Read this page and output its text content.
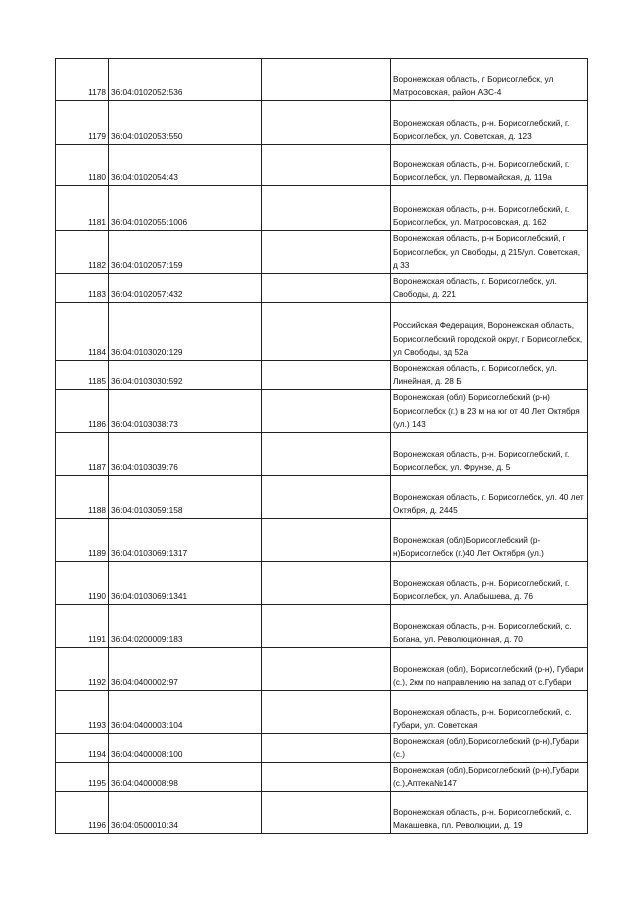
1178	36:04:0102052:536		Воронежская область, г Борисоглебск, ул Матросовская, район АЗС-4
1179	36:04:0102053:550		Воронежская область, р-н. Борисоглебский, г. Борисоглебск, ул. Советская, д. 123
1180	36:04:0102054:43		Воронежская область, р-н. Борисоглебский, г. Борисоглебск, ул. Первомайская, д. 119а
1181	36:04:0102055:1006		Воронежская область, р-н. Борисоглебский, г. Борисоглебск, ул. Матросовская, д. 162
1182	36:04:0102057:159		Воронежская область, р-н Борисоглебский, г Борисоглебск, ул Свободы, д 215/ул. Советская, д 33
1183	36:04:0102057:432		Воронежская область, г. Борисоглебск, ул. Свободы, д. 221
1184	36:04:0103020:129		Российская Федерация, Воронежская область, Борисоглебский городской округ, г Борисоглебск, ул Свободы, зд 52а
1185	36:04:0103030:592		Воронежская область, г. Борисоглебск, ул. Линейная, д. 28 Б
1186	36:04:0103038:73		Воронежская (обл) Борисоглебский (р-н) Борисоглебск (г.) в 23 м на юг от 40 Лет Октября (ул.) 143
1187	36:04:0103039:76		Воронежская область, р-н. Борисоглебский, г. Борисоглебск, ул. Фрунзе, д. 5
1188	36:04:0103059:158		Воронежская область, г. Борисоглебск, ул. 40 лет Октября, д. 2445
1189	36:04:0103069:1317		Воронежская (обл)Борисоглебский (р-н)Борисоглебск (г.)40 Лет Октября (ул.)
1190	36:04:0103069:1341		Воронежская область, р-н. Борисоглебский, г. Борисоглебск, ул. Алабышева, д. 76
1191	36:04:0200009:183		Воронежская область, р-н. Борисоглебский, с. Богана, ул. Революционная, д. 70
1192	36:04:0400002:97		Воронежская (обл), Борисоглебский (р-н), Губари (с.), 2км по направлению на запад от с.Губари
1193	36:04:0400003:104		Воронежская область, р-н. Борисоглебский, с. Губари, ул. Советская
1194	36:04:0400008:100		Воронежская (обл),Борисоглебский (р-н),Губари (с.)
1195	36:04:0400008:98		Воронежская (обл),Борисоглебский (р-н),Губари (с.),Аптека№147
1196	36:04:0500010:34		Воронежская область, р-н. Борисоглебский, с. Макашевка, пл. Революции, д. 19
